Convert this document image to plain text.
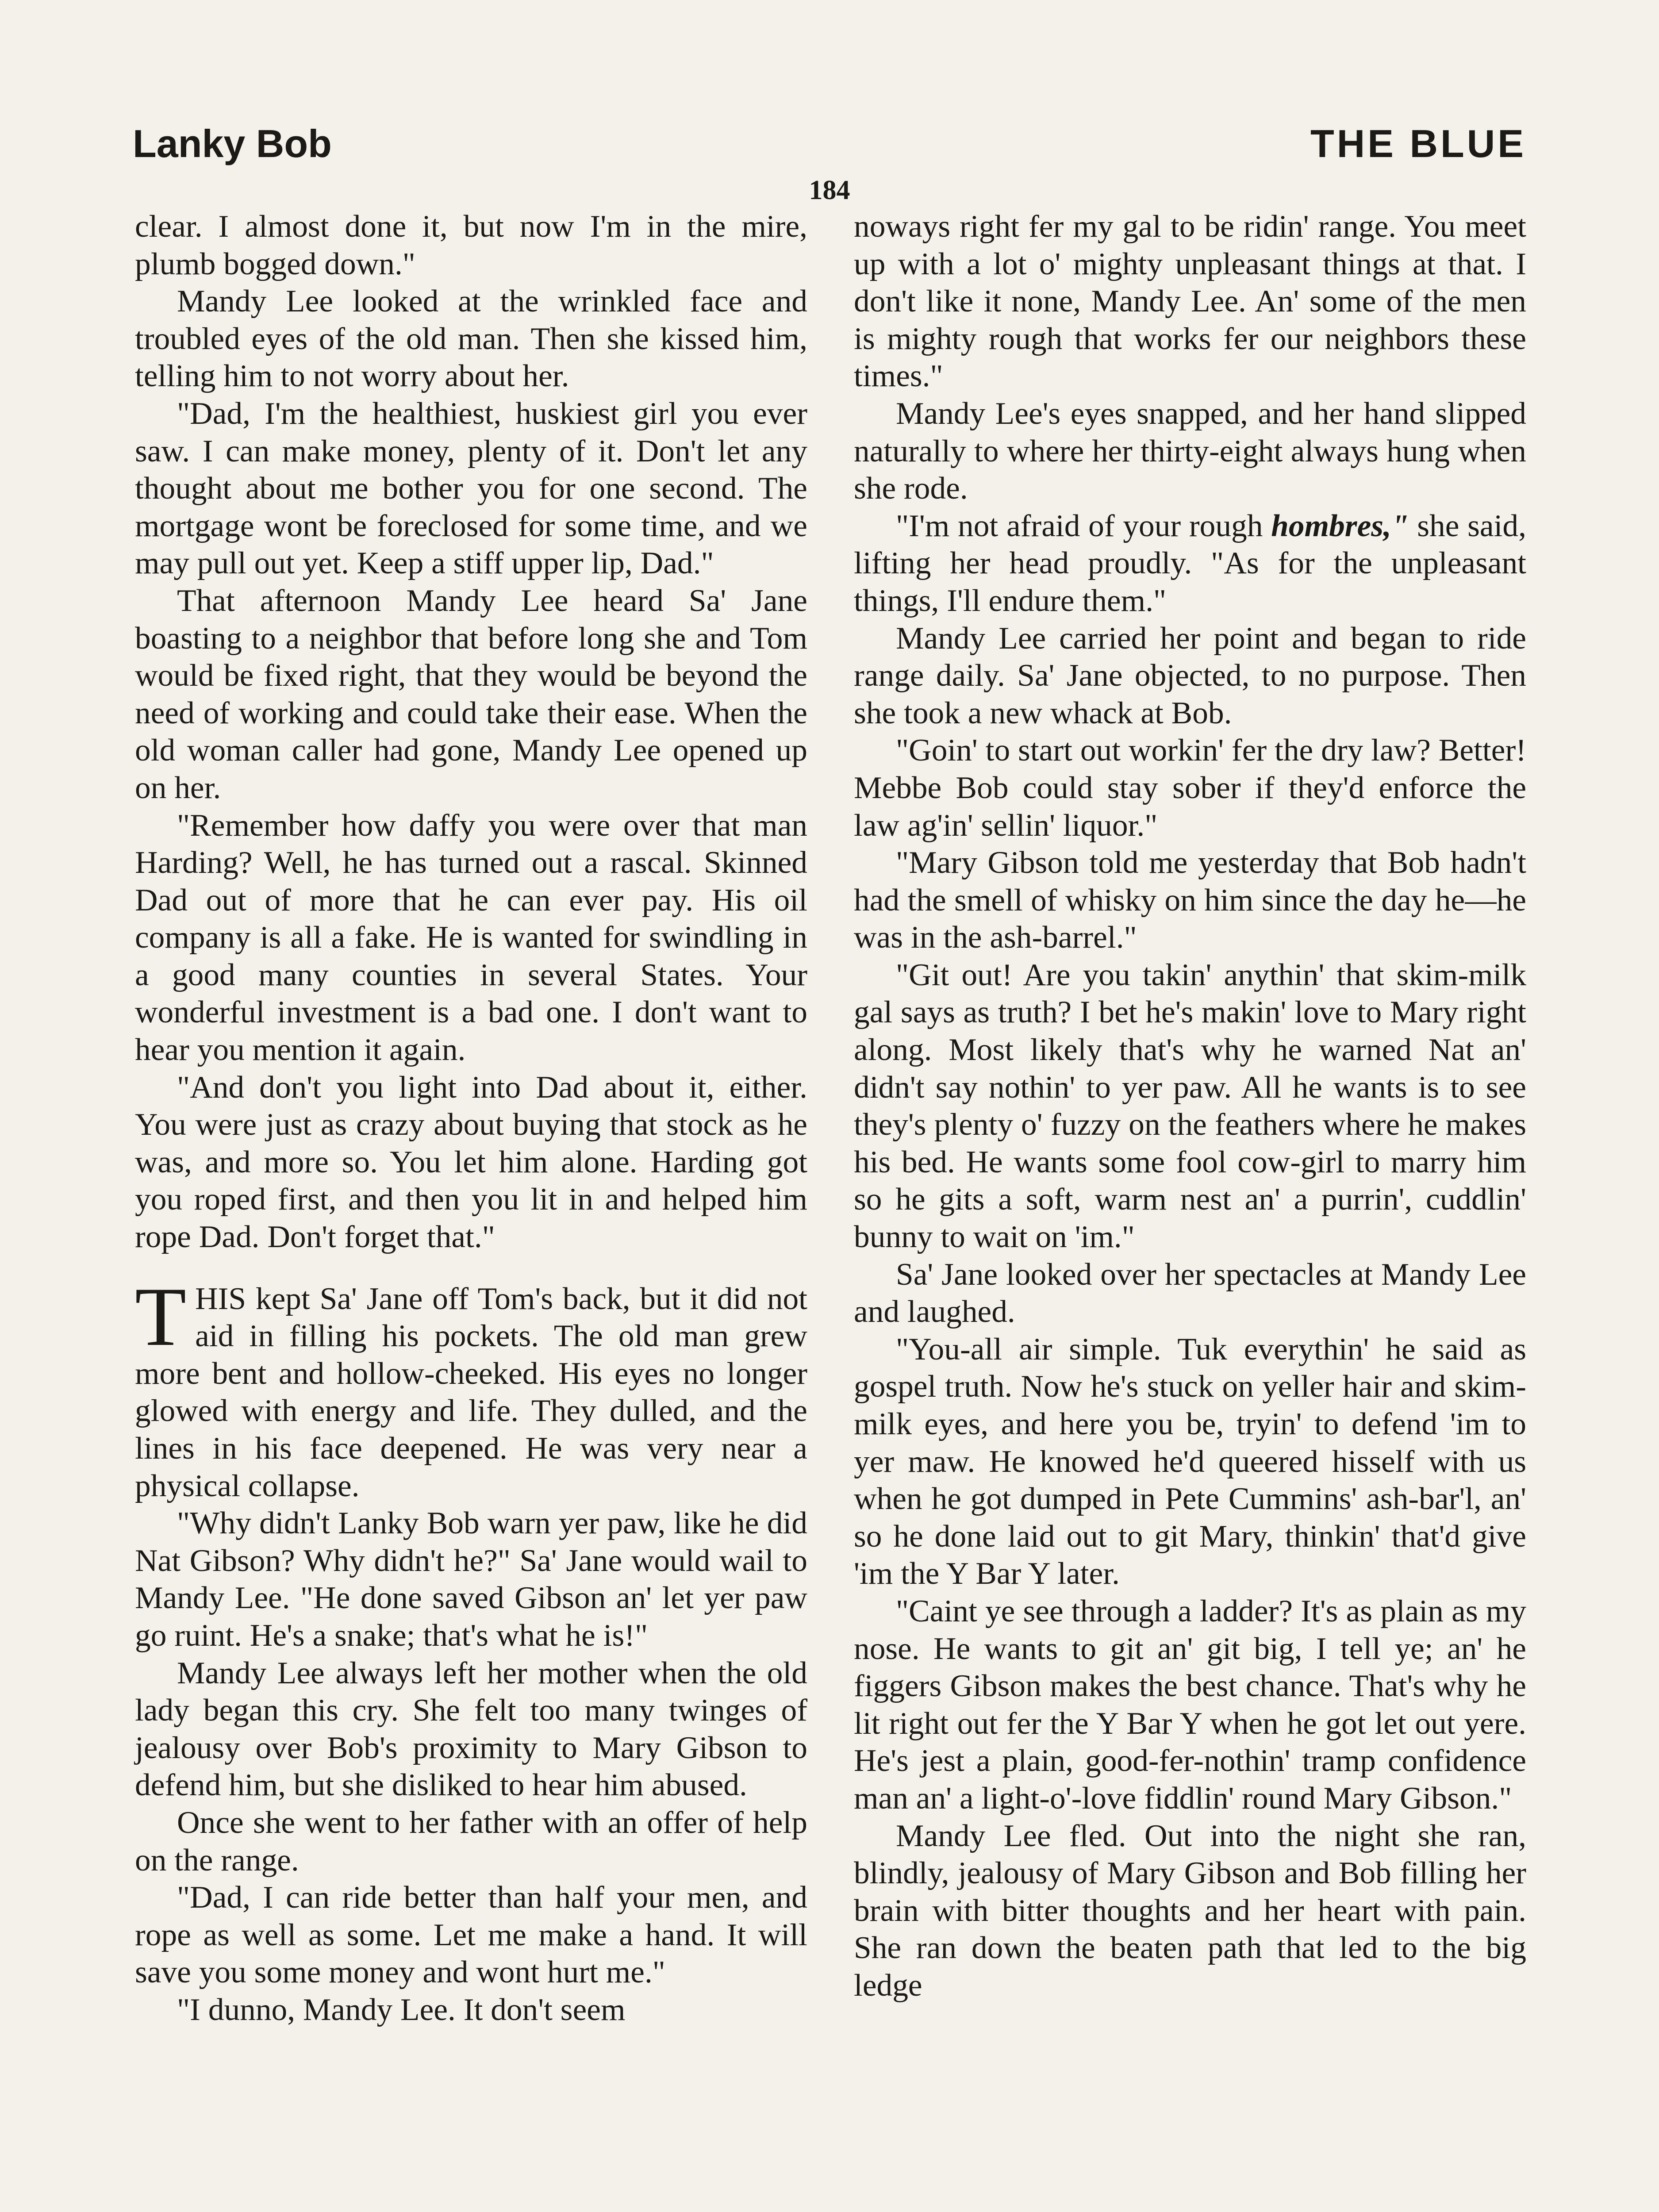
Lanky Bob	THE BLUE
184

clear. I almost done it, but now I'm in the mire, plumb bogged down."

Mandy Lee looked at the wrinkled face and troubled eyes of the old man. Then she kissed him, telling him to not worry about her.

"Dad, I'm the healthiest, huskiest girl you ever saw. I can make money, plenty of it. Don't let any thought about me bother you for one second. The mortgage wont be foreclosed for some time, and we may pull out yet. Keep a stiff upper lip, Dad."

That afternoon Mandy Lee heard Sa' Jane boasting to a neighbor that before long she and Tom would be fixed right, that they would be beyond the need of working and could take their ease. When the old woman caller had gone, Mandy Lee opened up on her.

"Remember how daffy you were over that man Harding? Well, he has turned out a rascal. Skinned Dad out of more that he can ever pay. His oil company is all a fake. He is wanted for swindling in a good many counties in several States. Your wonderful investment is a bad one. I don't want to hear you mention it again.

"And don't you light into Dad about it, either. You were just as crazy about buying that stock as he was, and more so. You let him alone. Harding got you roped first, and then you lit in and helped him rope Dad. Don't forget that."

T HIS kept Sa' Jane off Tom's back, but it did not aid in filling his pockets. The old man grew more bent and hollow-cheeked. His eyes no longer glowed with energy and life. They dulled, and the lines in his face deepened. He was very near a physical collapse.

"Why didn't Lanky Bob warn yer paw, like he did Nat Gibson? Why didn't he?" Sa' Jane would wail to Mandy Lee. "He done saved Gibson an' let yer paw go ruint. He's a snake; that's what he is!"

Mandy Lee always left her mother when the old lady began this cry. She felt too many twinges of jealousy over Bob's proximity to Mary Gibson to defend him, but she disliked to hear him abused.

Once she went to her father with an offer of help on the range.

"Dad, I can ride better than half your men, and rope as well as some. Let me make a hand. It will save you some money and wont hurt me."

"I dunno, Mandy Lee. It don't seem

noways right fer my gal to be ridin' range. You meet up with a lot o' mighty unpleasant things at that. I don't like it none, Mandy Lee. An' some of the men is mighty rough that works fer our neighbors these times."

Mandy Lee's eyes snapped, and her hand slipped naturally to where her thirty-eight always hung when she rode.

"I'm not afraid of your rough hombres," she said, lifting her head proudly. "As for the unpleasant things, I'll endure them."

Mandy Lee carried her point and began to ride range daily. Sa' Jane objected, to no purpose. Then she took a new whack at Bob.

"Goin' to start out workin' fer the dry law? Better! Mebbe Bob could stay sober if they'd enforce the law ag'in' sellin' liquor."

"Mary Gibson told me yesterday that Bob hadn't had the smell of whisky on him since the day he—he was in the ash-barrel."

"Git out! Are you takin' anythin' that skim-milk gal says as truth? I bet he's makin' love to Mary right along. Most likely that's why he warned Nat an' didn't say nothin' to yer paw. All he wants is to see they's plenty o' fuzzy on the feathers where he makes his bed. He wants some fool cow-girl to marry him so he gits a soft, warm nest an' a purrin', cuddlin' bunny to wait on 'im."

Sa' Jane looked over her spectacles at Mandy Lee and laughed.

"You-all air simple. Tuk everythin' he said as gospel truth. Now he's stuck on yeller hair and skim-milk eyes, and here you be, tryin' to defend 'im to yer maw. He knowed he'd queered hisself with us when he got dumped in Pete Cummins' ash-bar'l, an' so he done laid out to git Mary, thinkin' that'd give 'im the Y Bar Y later.

"Caint ye see through a ladder? It's as plain as my nose. He wants to git an' git big, I tell ye; an' he figgers Gibson makes the best chance. That's why he lit right out fer the Y Bar Y when he got let out yere. He's jest a plain, good-fer-nothin' tramp confidence man an' a light-o'-love fiddlin' round Mary Gibson."

Mandy Lee fled. Out into the night she ran, blindly, jealousy of Mary Gibson and Bob filling her brain with bitter thoughts and her heart with pain. She ran down the beaten path that led to the big ledge
